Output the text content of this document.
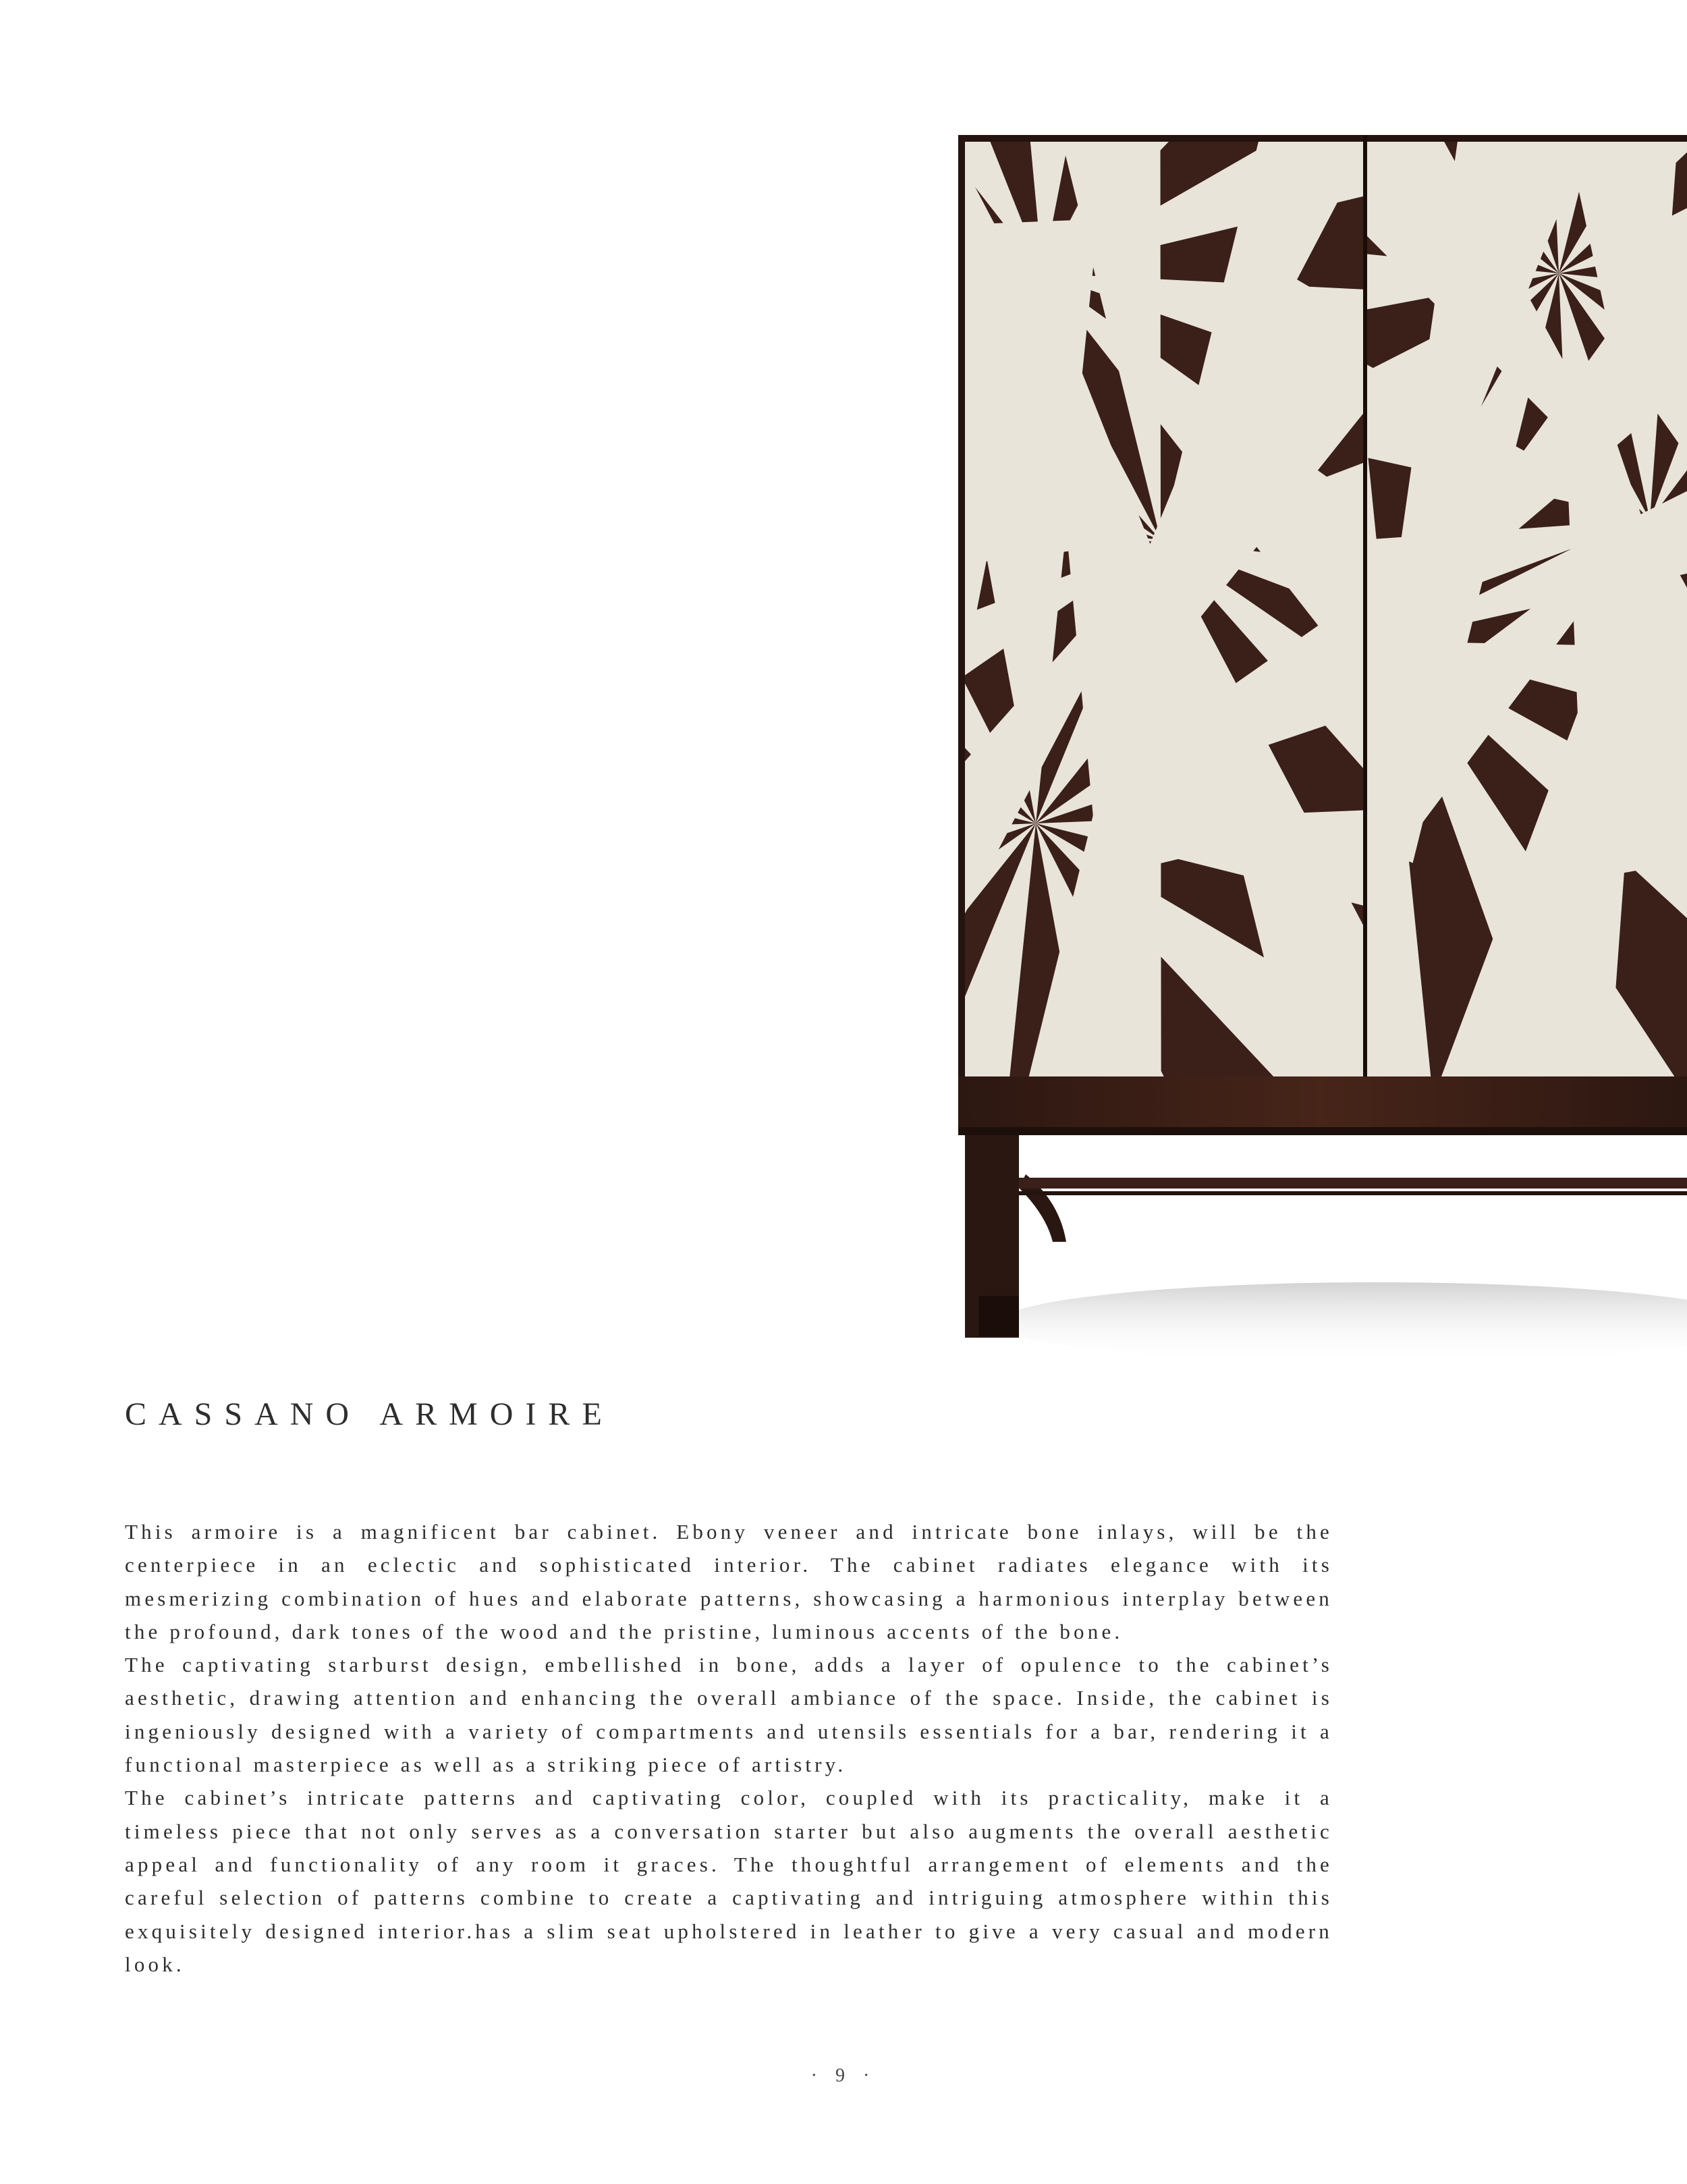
CASSANO ARMOIRE

This armoire is a magnificent bar cabinet. Ebony veneer and intricate bone inlays, will be the centerpiece in an eclectic and sophisticated interior. The cabinet radiates elegance with its mesmerizing combination of hues and elaborate patterns, showcasing a harmonious interplay between the profound, dark tones of the wood and the pristine, luminous accents of the bone.

The captivating starburst design, embellished in bone, adds a layer of opulence to the cabinet’s aesthetic, drawing attention and enhancing the overall ambiance of the space. Inside, the cabinet is ingeniously designed with a variety of compartments and utensils essentials for a bar, rendering it a functional masterpiece as well as a striking piece of artistry.

The cabinet’s intricate patterns and captivating color, coupled with its practicality, make it a timeless piece that not only serves as a conversation starter but also augments the overall aesthetic appeal and functionality of any room it graces. The thoughtful arrangement of elements and the careful selection of patterns combine to create a captivating and intriguing atmosphere within this exquisitely designed interior.has a slim seat upholstered in leather to give a very casual and modern look.

· 9 ·
